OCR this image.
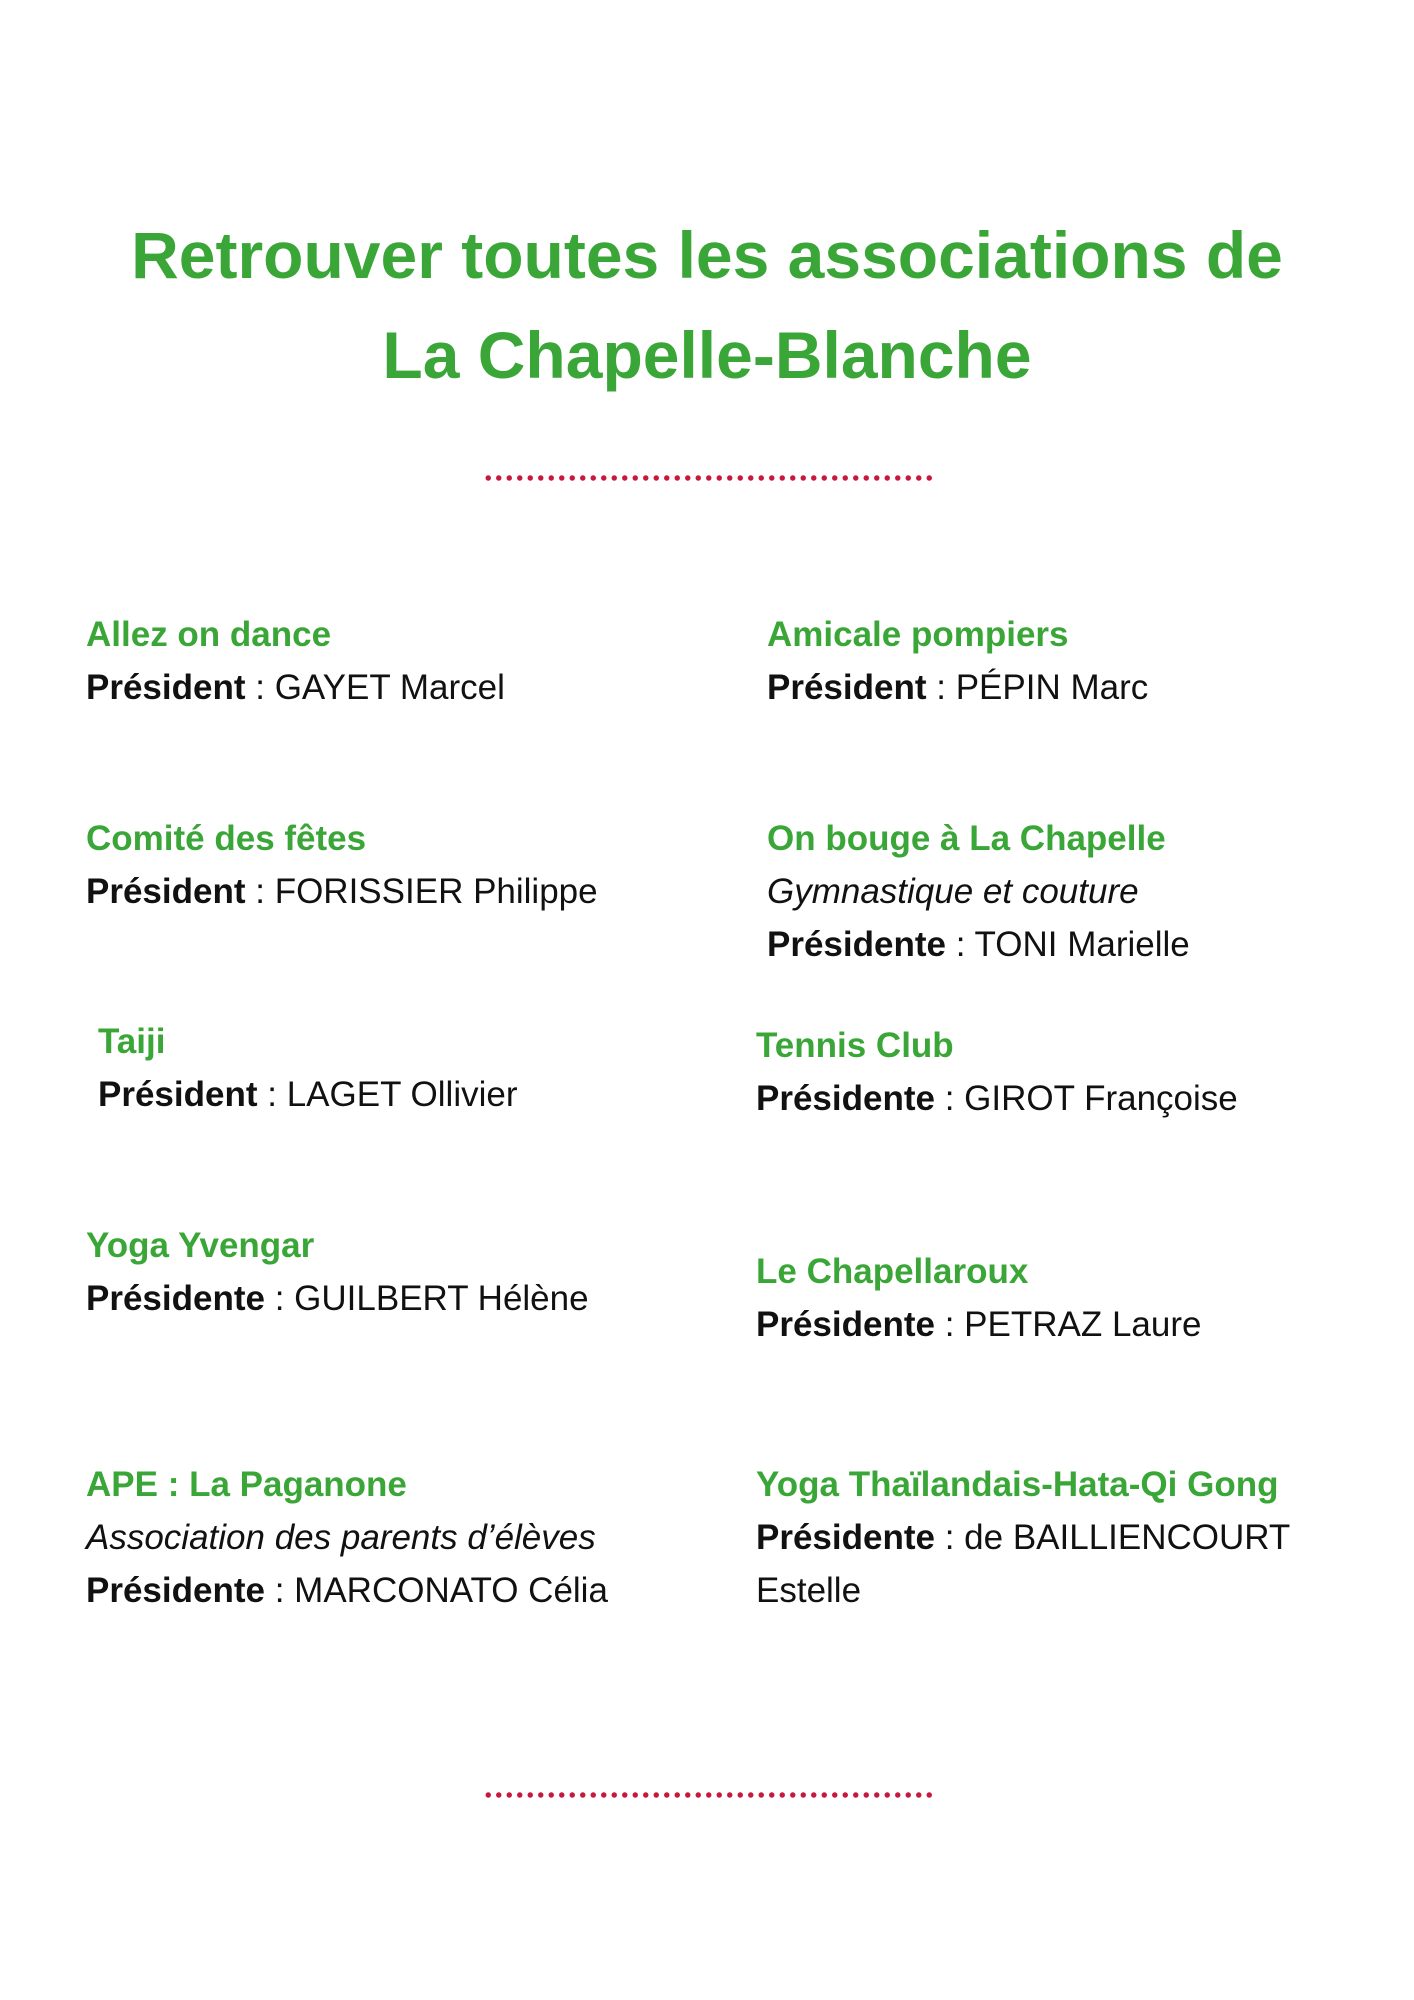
Retrouver toutes les associations de
La Chapelle-Blanche
Allez on dance
Président : GAYET Marcel
Comité des fêtes
Président : FORISSIER Philippe
Taiji
Président : LAGET Ollivier
Yoga Yvengar
Présidente : GUILBERT Hélène
APE : La Paganone
Association des parents d’élèves
Présidente : MARCONATO Célia
Amicale pompiers
Président : PÉPIN Marc
On bouge à La Chapelle
Gymnastique et couture
Présidente : TONI Marielle
Tennis Club
Présidente : GIROT Françoise
Le Chapellaroux
Présidente : PETRAZ Laure
Yoga Thaïlandais-Hata-Qi Gong
Présidente : de BAILLIENCOURT Estelle
